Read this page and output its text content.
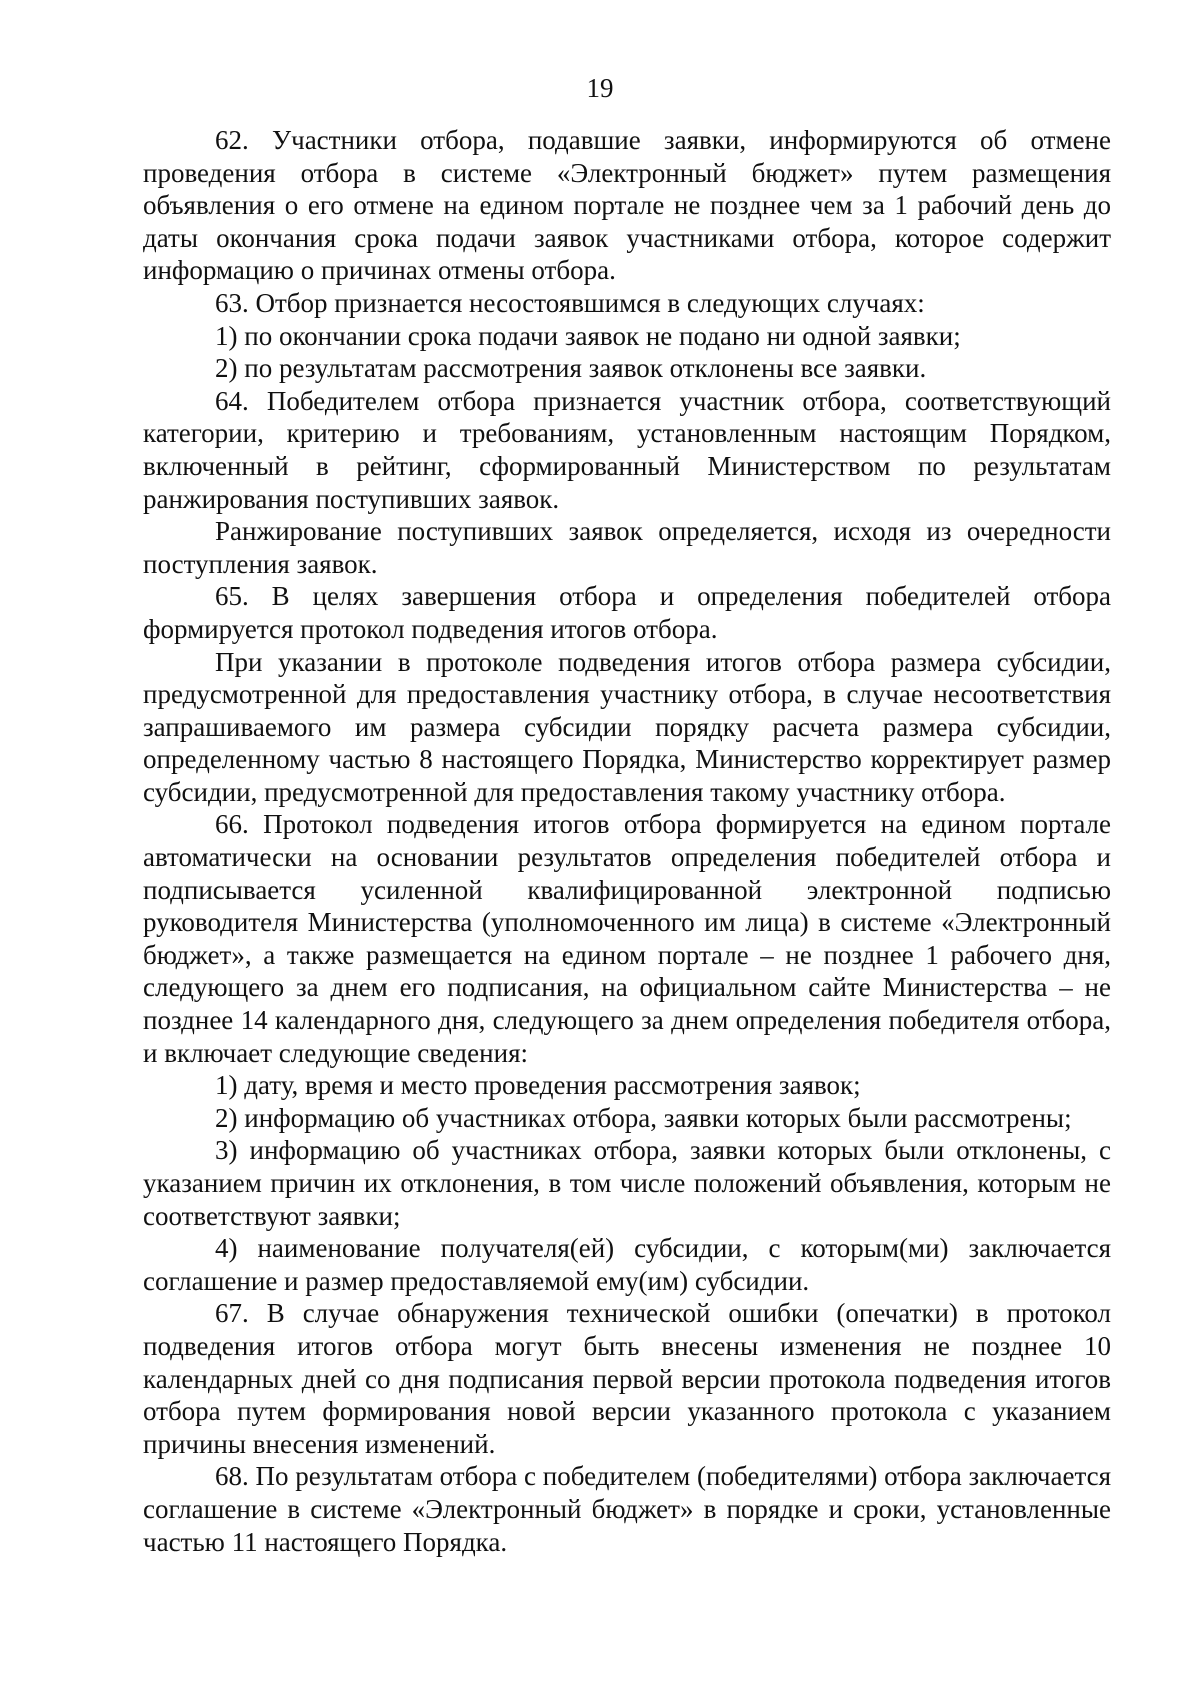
19

62. Участники отбора, подавшие заявки, информируются об отмене проведения отбора в системе «Электронный бюджет» путем размещения объявления о его отмене на едином портале не позднее чем за 1 рабочий день до даты окончания срока подачи заявок участниками отбора, которое содержит информацию о причинах отмены отбора.

63. Отбор признается несостоявшимся в следующих случаях:

1) по окончании срока подачи заявок не подано ни одной заявки;

2) по результатам рассмотрения заявок отклонены все заявки.

64. Победителем отбора признается участник отбора, соответствующий категории, критерию и требованиям, установленным настоящим Порядком, включенный в рейтинг, сформированный Министерством по результатам ранжирования поступивших заявок.

Ранжирование поступивших заявок определяется, исходя из очередности поступления заявок.

65. В целях завершения отбора и определения победителей отбора формируется протокол подведения итогов отбора.

При указании в протоколе подведения итогов отбора размера субсидии, предусмотренной для предоставления участнику отбора, в случае несоответствия запрашиваемого им размера субсидии порядку расчета размера субсидии, определенному частью 8 настоящего Порядка, Министерство корректирует размер субсидии, предусмотренной для предоставления такому участнику отбора.

66. Протокол подведения итогов отбора формируется на едином портале автоматически на основании результатов определения победителей отбора и подписывается усиленной квалифицированной электронной подписью руководителя Министерства (уполномоченного им лица) в системе «Электронный бюджет», а также размещается на едином портале – не позднее 1 рабочего дня, следующего за днем его подписания, на официальном сайте Министерства – не позднее 14 календарного дня, следующего за днем определения победителя отбора, и включает следующие сведения:

1) дату, время и место проведения рассмотрения заявок;

2) информацию об участниках отбора, заявки которых были рассмотрены;

3) информацию об участниках отбора, заявки которых были отклонены, с указанием причин их отклонения, в том числе положений объявления, которым не соответствуют заявки;

4) наименование получателя(ей) субсидии, с которым(ми) заключается соглашение и размер предоставляемой ему(им) субсидии.

67. В случае обнаружения технической ошибки (опечатки) в протокол подведения итогов отбора могут быть внесены изменения не позднее 10 календарных дней со дня подписания первой версии протокола подведения итогов отбора путем формирования новой версии указанного протокола с указанием причины внесения изменений.

68. По результатам отбора с победителем (победителями) отбора заключается соглашение в системе «Электронный бюджет» в порядке и сроки, установленные частью 11 настоящего Порядка.
